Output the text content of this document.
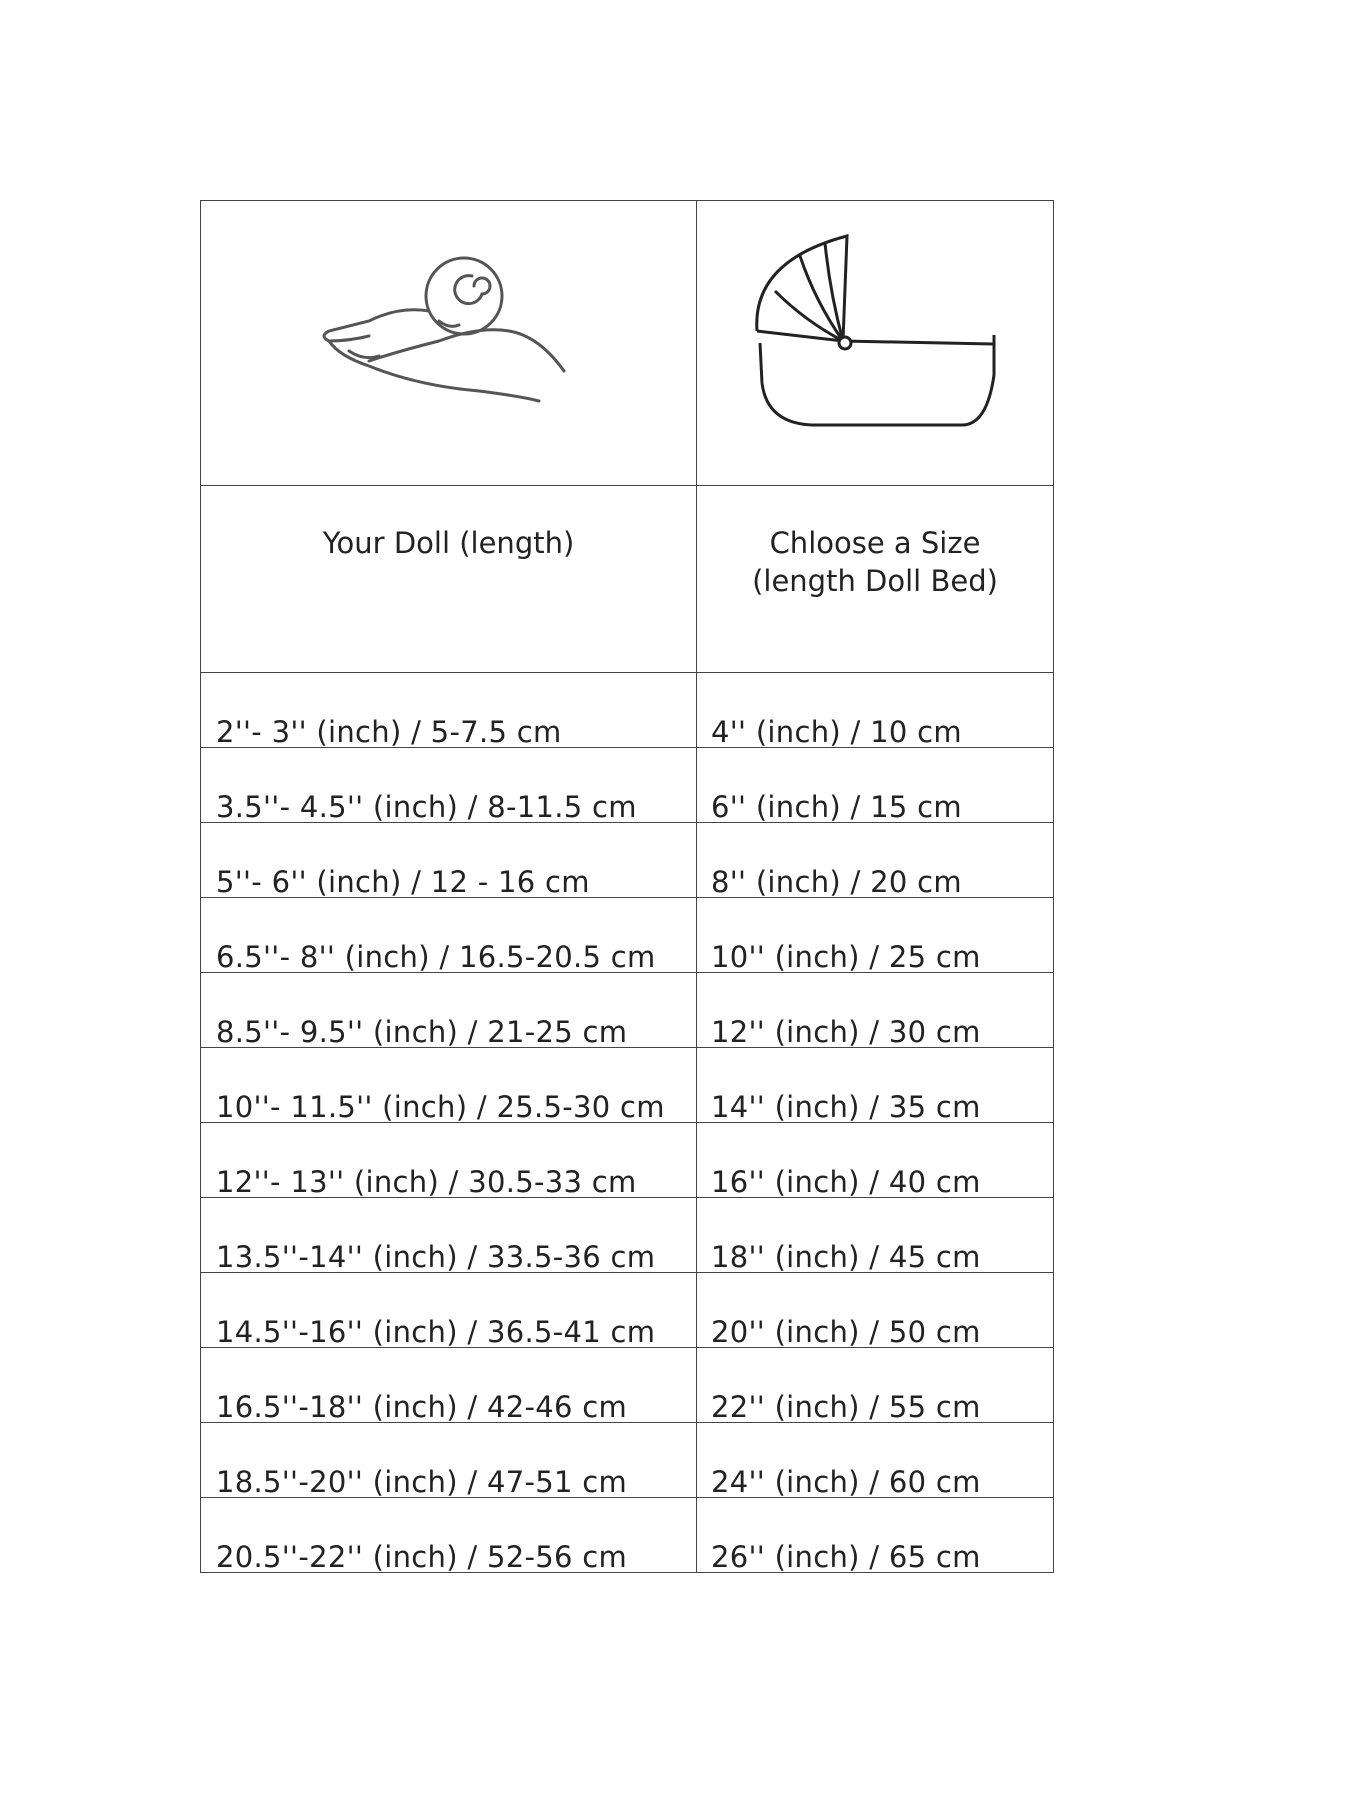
Your Doll (length)	Chloose a Size
(length Doll Bed)

2''- 3'' (inch) / 5-7.5 cm	4'' (inch) / 10 cm
3.5''- 4.5'' (inch) / 8-11.5 cm	6'' (inch) / 15 cm
5''- 6'' (inch) / 12 - 16 cm	8'' (inch) / 20 cm
6.5''- 8'' (inch) / 16.5-20.5 cm	10'' (inch) / 25 cm
8.5''- 9.5'' (inch) / 21-25 cm	12'' (inch) / 30 cm
10''- 11.5'' (inch) / 25.5-30 cm	14'' (inch) / 35 cm
12''- 13'' (inch) / 30.5-33 cm	16'' (inch) / 40 cm
13.5''-14'' (inch) / 33.5-36 cm	18'' (inch) / 45 cm
14.5''-16'' (inch) / 36.5-41 cm	20'' (inch) / 50 cm
16.5''-18'' (inch) / 42-46 cm	22'' (inch) / 55 cm
18.5''-20'' (inch) / 47-51 cm	24'' (inch) / 60 cm
20.5''-22'' (inch) / 52-56 cm	26'' (inch) / 65 cm
